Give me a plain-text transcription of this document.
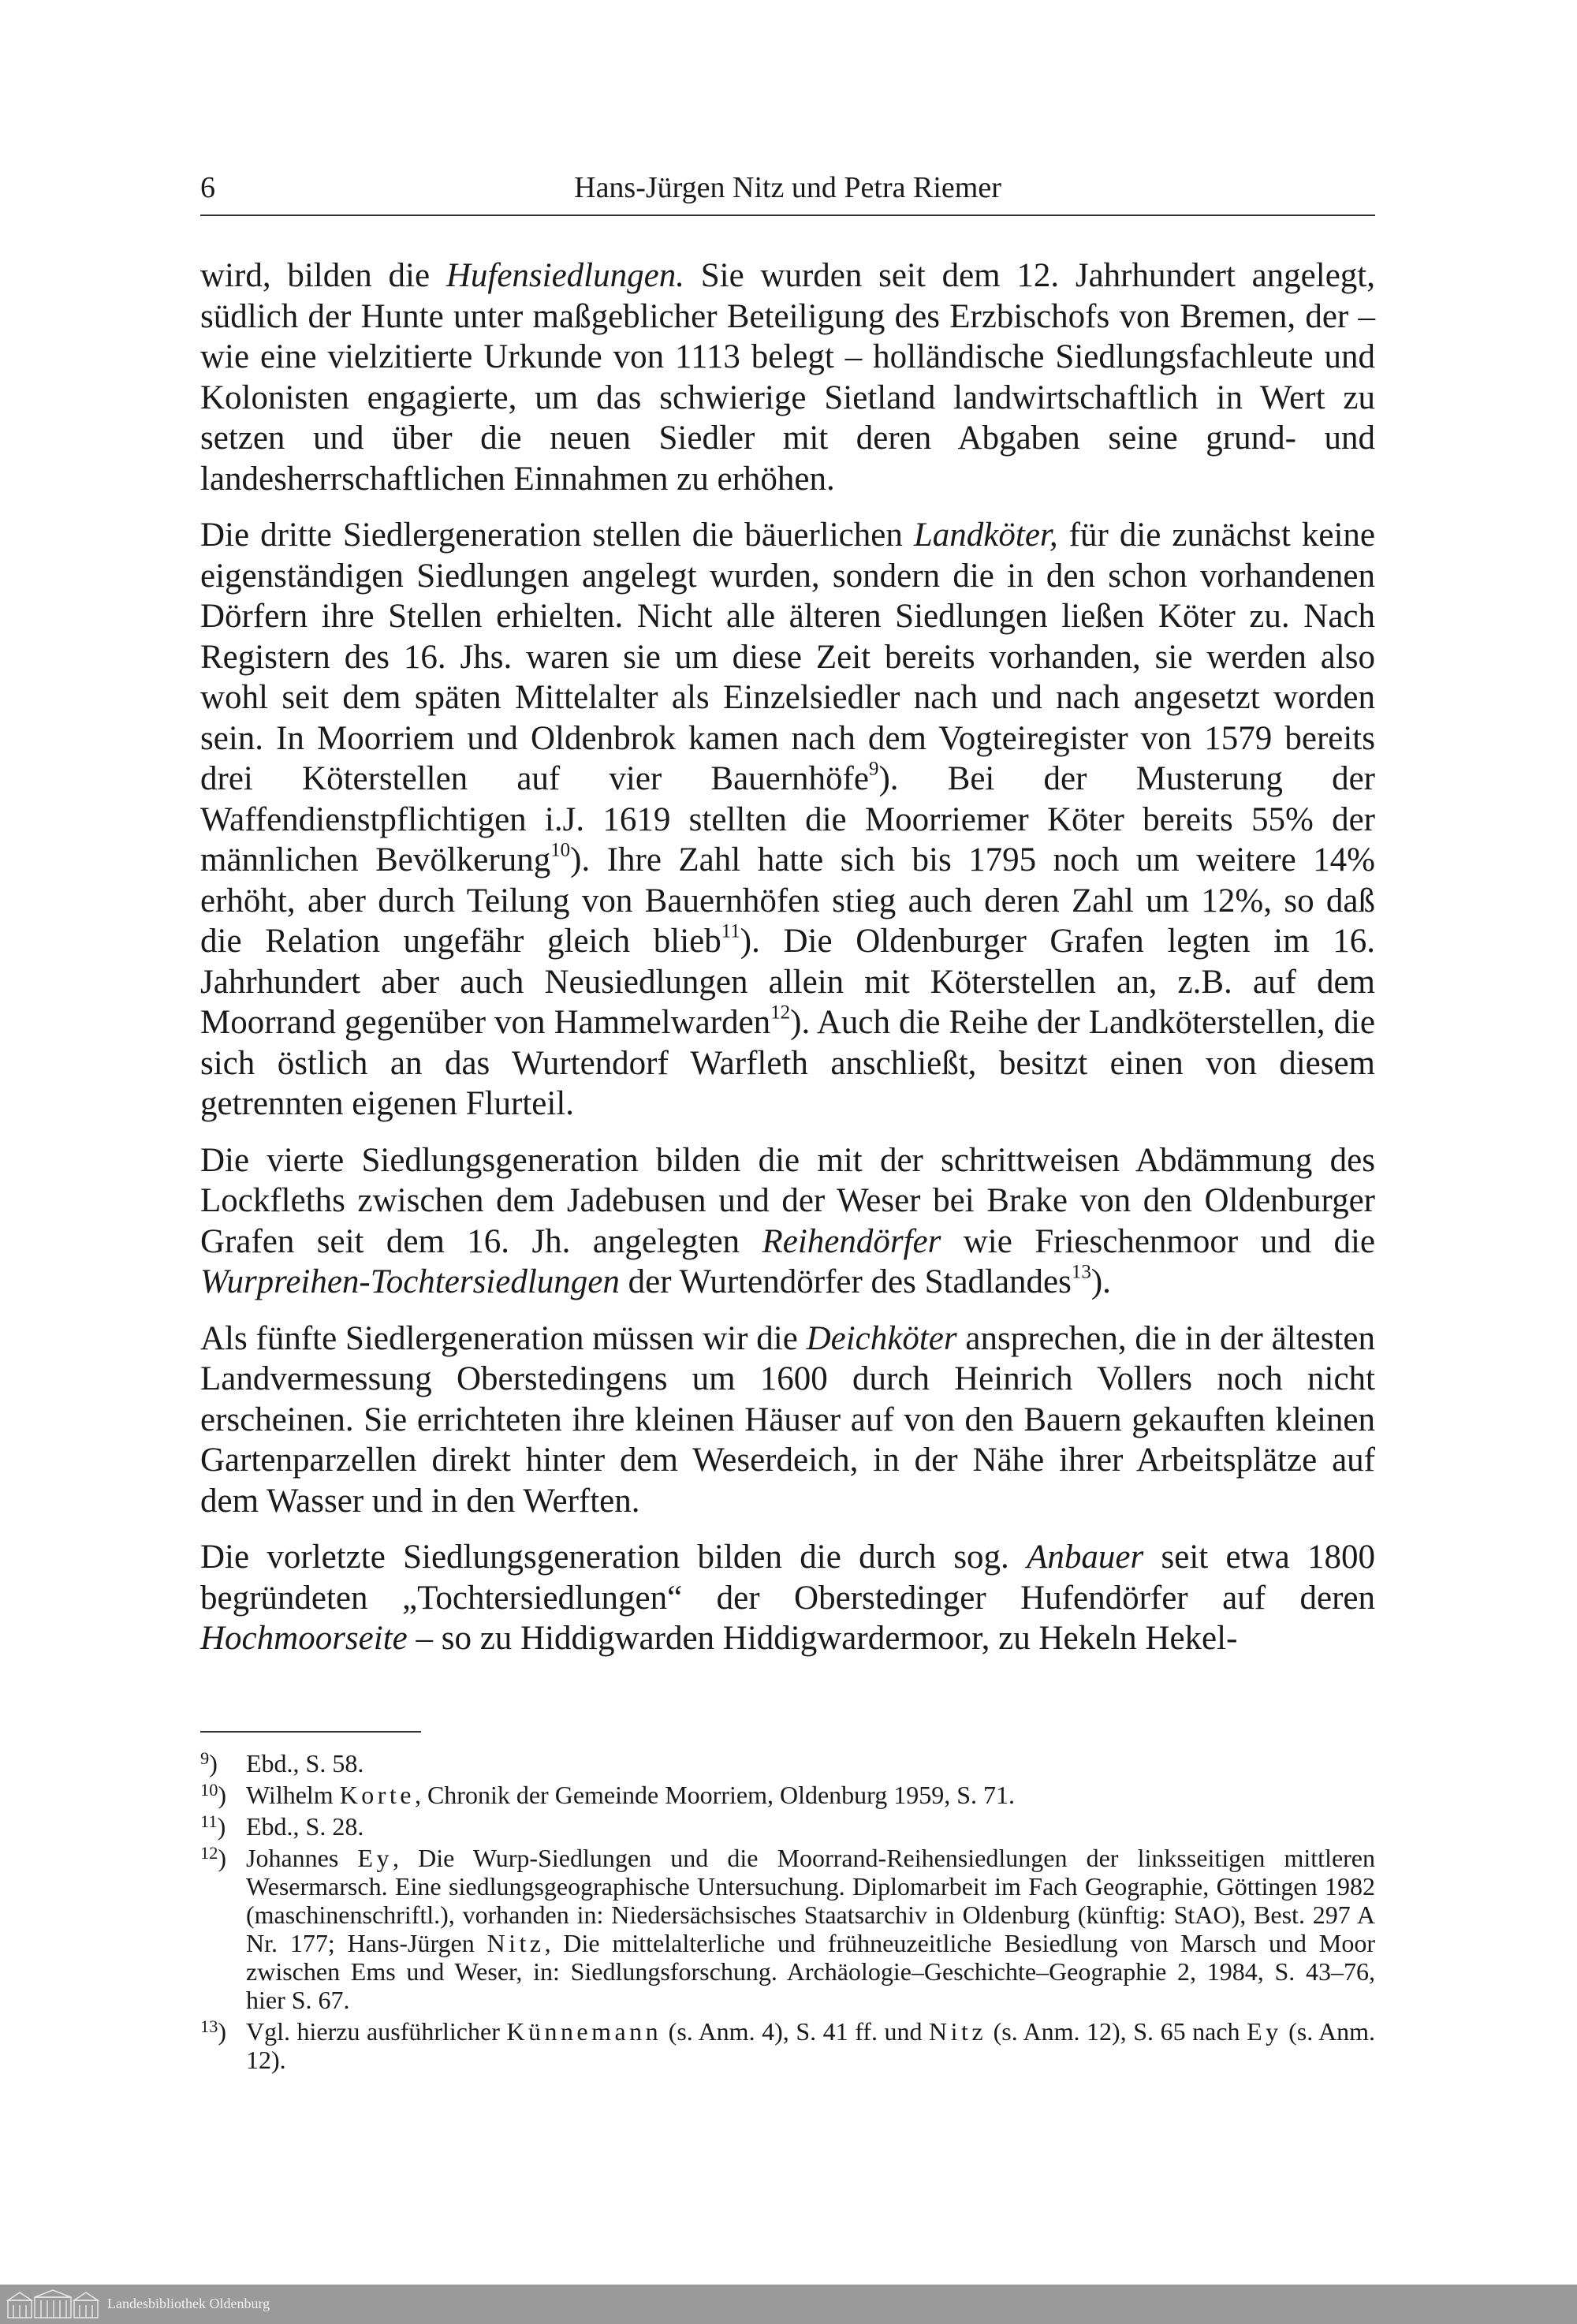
6	Hans-Jürgen Nitz und Petra Riemer

wird, bilden die Hufensiedlungen. Sie wurden seit dem 12. Jahrhundert angelegt, südlich der Hunte unter maßgeblicher Beteiligung des Erzbischofs von Bremen, der – wie eine vielzitierte Urkunde von 1113 belegt – holländische Siedlungsfachleute und Kolonisten engagierte, um das schwierige Sietland landwirtschaftlich in Wert zu setzen und über die neuen Siedler mit deren Abgaben seine grund- und landesherrschaftlichen Einnahmen zu erhöhen.

Die dritte Siedlergeneration stellen die bäuerlichen Landköter, für die zunächst keine eigenständigen Siedlungen angelegt wurden, sondern die in den schon vorhandenen Dörfern ihre Stellen erhielten. Nicht alle älteren Siedlungen ließen Köter zu. Nach Registern des 16. Jhs. waren sie um diese Zeit bereits vorhanden, sie werden also wohl seit dem späten Mittelalter als Einzelsiedler nach und nach angesetzt worden sein. In Moorriem und Oldenbrok kamen nach dem Vogteiregister von 1579 bereits drei Köterstellen auf vier Bauernhöfe$^9$). Bei der Musterung der Waffendienstpflichtigen i.J. 1619 stellten die Moorriemer Köter bereits 55% der männlichen Bevölkerung$^{10}$). Ihre Zahl hatte sich bis 1795 noch um weitere 14% erhöht, aber durch Teilung von Bauernhöfen stieg auch deren Zahl um 12%, so daß die Relation ungefähr gleich blieb$^{11}$). Die Oldenburger Grafen legten im 16. Jahrhundert aber auch Neusiedlungen allein mit Köterstellen an, z.B. auf dem Moorrand gegenüber von Hammelwarden$^{12}$). Auch die Reihe der Landköterstellen, die sich östlich an das Wurtendorf Warfleth anschließt, besitzt einen von diesem getrennten eigenen Flurteil.

Die vierte Siedlungsgeneration bilden die mit der schrittweisen Abdämmung des Lockfleths zwischen dem Jadebusen und der Weser bei Brake von den Oldenburger Grafen seit dem 16. Jh. angelegten Reihendörfer wie Frieschenmoor und die Wurpreihen-Tochtersiedlungen der Wurtendörfer des Stadlandes$^{13}$).

Als fünfte Siedlergeneration müssen wir die Deichköter ansprechen, die in der ältesten Landvermessung Oberstedingens um 1600 durch Heinrich Vollers noch nicht erscheinen. Sie errichteten ihre kleinen Häuser auf von den Bauern gekauften kleinen Gartenparzellen direkt hinter dem Weserdeich, in der Nähe ihrer Arbeitsplätze auf dem Wasser und in den Werften.

Die vorletzte Siedlungsgeneration bilden die durch sog. Anbauer seit etwa 1800 begründeten „Tochtersiedlungen“ der Oberstedinger Hufendörfer auf deren Hochmoorseite – so zu Hiddigwarden Hiddigwardermoor, zu Hekeln Hekel-

$^9$)	Ebd., S. 58.
$^{10}$) Wilhelm Korte, Chronik der Gemeinde Moorriem, Oldenburg 1959, S. 71.
$^{11}$) Ebd., S. 28.
$^{12}$) Johannes Ey, Die Wurp-Siedlungen und die Moorrand-Reihensiedlungen der linksseitigen mittleren Wesermarsch. Eine siedlungsgeographische Untersuchung. Diplomarbeit im Fach Geographie, Göttingen 1982 (maschinenschriftl.), vorhanden in: Niedersächsisches Staatsarchiv in Oldenburg (künftig: StAO), Best. 297 A Nr. 177; Hans-Jürgen Nitz, Die mittelalterliche und frühneuzeitliche Besiedlung von Marsch und Moor zwischen Ems und Weser, in: Siedlungsforschung. Archäologie–Geschichte–Geographie 2, 1984, S. 43–76, hier S. 67.
$^{13}$) Vgl. hierzu ausführlicher Künnemann (s. Anm. 4), S. 41 ff. und Nitz (s. Anm. 12), S. 65 nach Ey (s. Anm. 12).
Landesbibliothek Oldenburg
